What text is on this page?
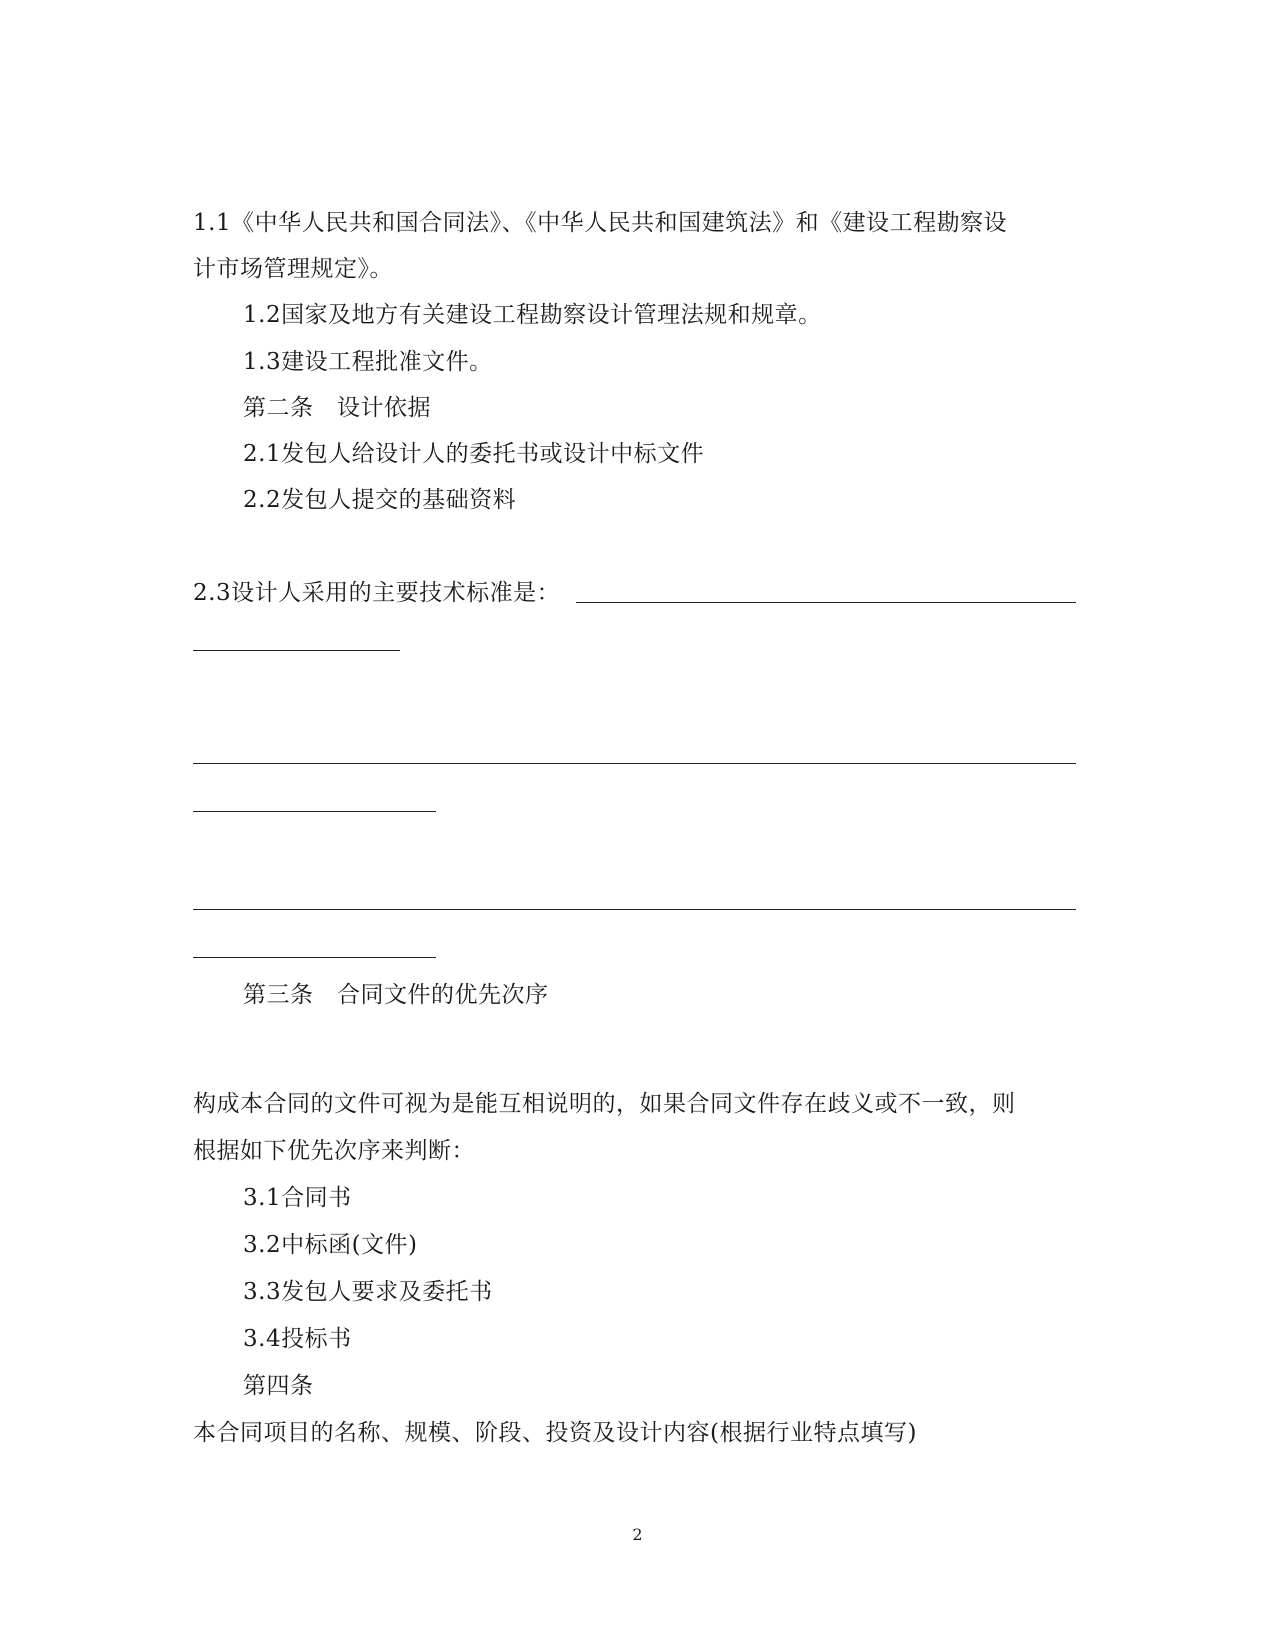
1.1《中华人民共和国合同法》、《中华人民共和国建筑法》和《建设工程勘察设
计市场管理规定》。
1.2国家及地方有关建设工程勘察设计管理法规和规章。
1.3建设工程批准文件。
第二条　设计依据
2.1发包人给设计人的委托书或设计中标文件
2.2发包人提交的基础资料
2.3设计人采用的主要技术标准是：
第三条　合同文件的优先次序
构成本合同的文件可视为是能互相说明的，如果合同文件存在歧义或不一致，则
根据如下优先次序来判断：
3.1合同书
3.2中标函(文件)
3.3发包人要求及委托书
3.4投标书
第四条
本合同项目的名称、规模、阶段、投资及设计内容(根据行业特点填写)
2
